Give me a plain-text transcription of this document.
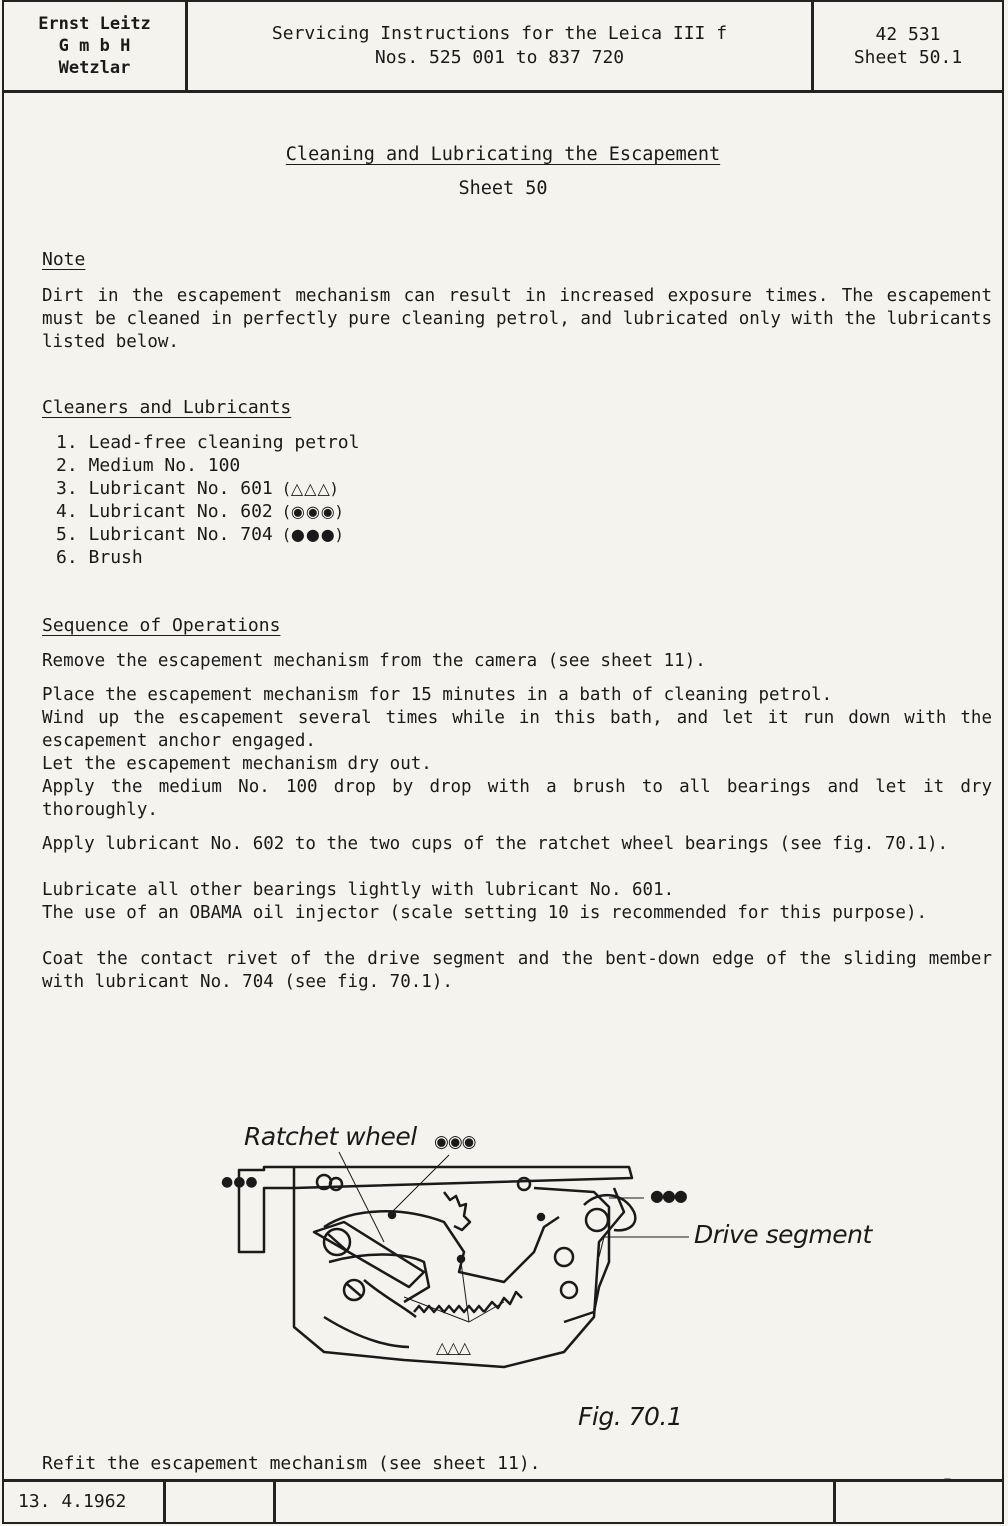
Ernst Leitz
G m b H
Wetzlar
Servicing Instructions for the Leica III f
Nos. 525 001 to 837 720
42 531
Sheet 50.1
Cleaning and Lubricating the Escapement
Sheet 50
Note
Dirt in the escapement mechanism can result in increased exposure times. The escapement must be cleaned in perfectly pure cleaning petrol, and lubricated only with the lubricants listed below.
Cleaners and Lubricants
1. Lead-free cleaning petrol
2. Medium No. 100
3. Lubricant No. 601 (△△△)
4. Lubricant No. 602 (◉◉◉)
5. Lubricant No. 704 (●●●)
6. Brush
Sequence of Operations
Remove the escapement mechanism from the camera (see sheet 11).
Place the escapement mechanism for 15 minutes in a bath of cleaning petrol.
Wind up the escapement several times while in this bath, and let it run down with the escapement anchor engaged.
Let the escapement mechanism dry out.
Apply the medium No. 100 drop by drop with a brush to all bearings and let it dry thoroughly.
Apply lubricant No. 602 to the two cups of the ratchet wheel bearings (see fig. 70.1).
Lubricate all other bearings lightly with lubricant No. 601.
The use of an OBAMA oil injector (scale setting 10 is recommended for this purpose).
Coat the contact rivet of the drive segment and the bent-down edge of the sliding member with lubricant No. 704 (see fig. 70.1).
Ratchet wheel ◉◉◉
●●●
●●●
Drive segment
△△△
Fig. 70.1
Refit the escapement mechanism (see sheet 11).
—
13. 4.1962
